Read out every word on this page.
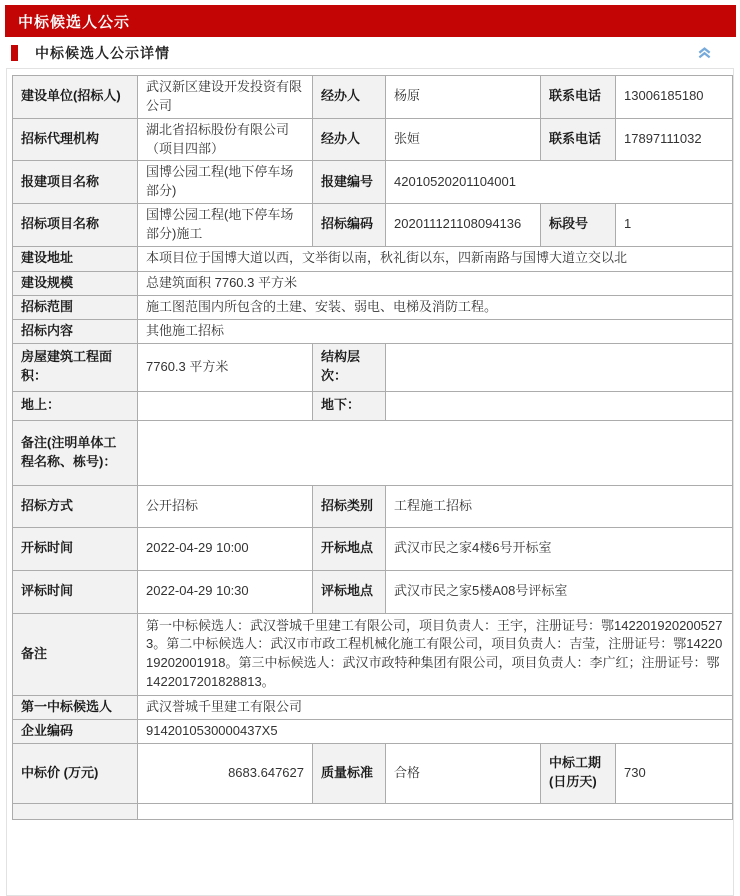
中标候选人公示
中标候选人公示详情
建设单位(招标人)	武汉新区建设开发投资有限公司	经办人	杨原	联系电话	13006185180
招标代理机构	湖北省招标股份有限公司 （项目四部）	经办人	张姮	联系电话	17897111032
报建项目名称	国博公园工程(地下停车场部分)	报建编号	42010520201104001		
招标项目名称	国博公园工程(地下停车场部分)施工	招标编码	202011121108094136	标段号	1
建设地址	本项目位于国博大道以西，文举街以南，秋礼街以东，四新南路与国博大道立交以北				
建设规模	总建筑面积 7760.3 平方米				
招标范围	施工图范围内所包含的土建、安装、弱电、电梯及消防工程。				
招标内容	其他施工招标				
房屋建筑工程面积：	7760.3 平方米	结构层次：			
地上：		地下：			
备注(注明单体工程名称、栋号)：					
招标方式	公开招标	招标类别	工程施工招标		
开标时间	2022-04-29 10:00	开标地点	武汉市民之家4楼6号开标室		
评标时间	2022-04-29 10:30	评标地点	武汉市民之家5楼A08号评标室		
备注	第一中标候选人：武汉誉城千里建工有限公司，项目负责人：王宇，注册证号：鄂1422019202005273。第二中标候选人：武汉市市政工程机械化施工有限公司，项目负责人：吉莹，注册证号：鄂1422019202001918。第三中标候选人：武汉市政特种集团有限公司，项目负责人：李广红；注册证号：鄂1422017201828813。				
第一中标候选人	武汉誉城千里建工有限公司				
企业编码	9142010530000437X5				
中标价 (万元)	8683.647627	质量标准	合格	中标工期(日历天)	730
